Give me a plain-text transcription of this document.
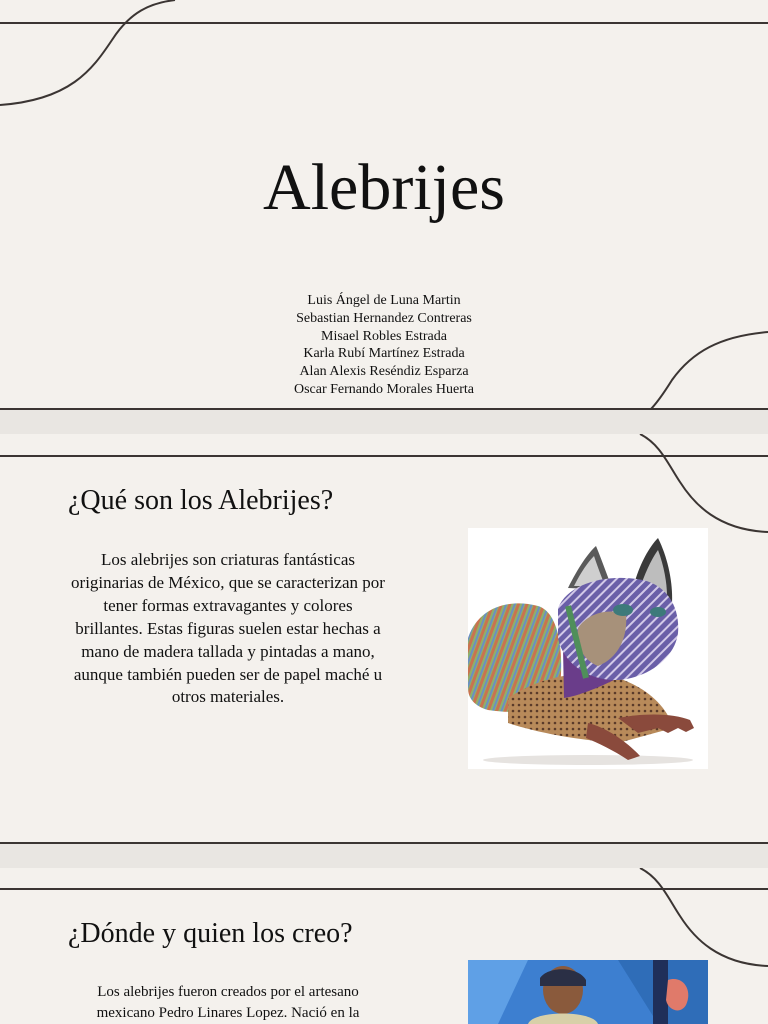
Alebrijes
Luis Ángel de Luna Martin
Sebastian Hernandez Contreras
Misael Robles Estrada
Karla Rubí Martínez Estrada
Alan Alexis Reséndiz Esparza
Oscar Fernando Morales Huerta
¿Qué son los Alebrijes?
Los alebrijes son criaturas fantásticas originarias de México, que se caracterizan por tener formas extravagantes y colores brillantes. Estas figuras suelen estar hechas a mano de madera tallada y pintadas a mano, aunque también pueden ser de papel maché u otros materiales.
¿Dónde y quien los creo?
Los alebrijes fueron creados por el artesano mexicano Pedro Linares Lopez. Nació en la
